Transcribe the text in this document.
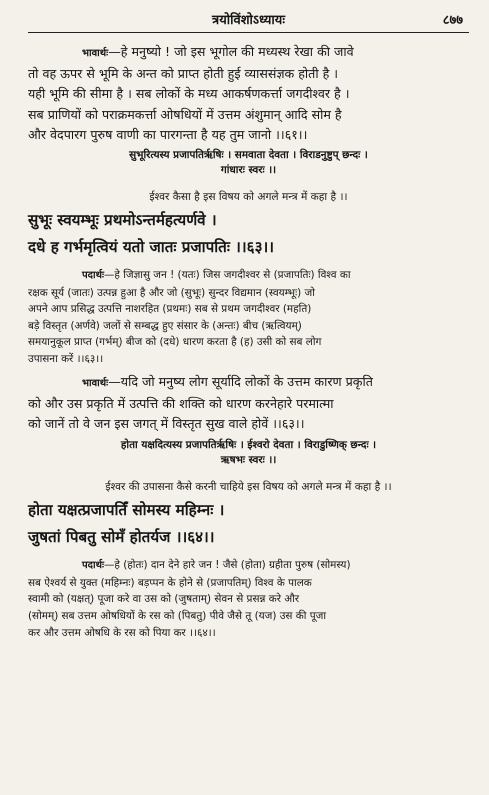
त्रयोविंशोऽध्यायः	८७७

भावार्थः—हे मनुष्यो ! जो इस भूगोल की मध्यस्थ रेखा की जावे

तो वह ऊपर से भूमि के अन्त को प्राप्त होती हुई व्याससंज्ञक होती है ।

यही भूमि की सीमा है । सब लोकों के मध्य आकर्षणकर्त्ता जगदीश्वर है ।

सब प्राणियों को पराक्रमकर्त्ता ओषधियों में उत्तम अंशुमान् आदि सोम है

और वेदपारग पुरुष वाणी का पारगन्ता है यह तुम जानो ।।६१।।

सुभूरित्यस्य प्रजापतिर्ऋषिः । समवाता देवता । विराडनुष्टुप् छन्दः ।

गांधारः स्वरः ।।

ईश्वर कैसा है इस विषय को अगले मन्त्र में कहा है ।।

सुभूः स्वयम्भूः प्रथमोऽन्तर्महत्यर्णवे ।

दधे ह गर्भमृत्वियं यतो जातः प्रजापतिः ।।६३।।

पदार्थः—हे जिज्ञासु जन ! (यतः) जिस जगदीश्वर से (प्रजापतिः) विश्व का

रक्षक सूर्य (जातः) उत्पन्न हुआ है और जो (सुभूः) सुन्दर विद्यमान (स्वयम्भूः) जो

अपने आप प्रसिद्ध उत्पत्ति नाशरहित (प्रथमः) सब से प्रथम जगदीश्वर (महति)

बड़े विस्तृत (अर्णवे) जलों से सम्बद्ध हुए संसार के (अन्तः) बीच (ऋत्वियम्)

समयानुकूल प्राप्त (गर्भम्) बीज को (दधे) धारण करता है (ह) उसी को सब लोग

उपासना करें ।।६३।।

भावार्थः—यदि जो मनुष्य लोग सूर्यादि लोकों के उत्तम कारण प्रकृति

को और उस प्रकृति में उत्पत्ति की शक्ति को धारण करनेहारे परमात्मा

को जानें तो वे जन इस जगत् में विस्तृत सुख वाले होवें ।।६३।।

होता यक्षदित्यस्य प्रजापतिर्ऋषिः । ईश्वरो देवता । विराडुष्णिक् छन्दः ।

ऋषभः स्वरः ।।

ईश्वर की उपासना कैसे करनी चाहिये इस विषय को अगले मन्त्र में कहा है ।।

होता यक्षत्प्रजापतिँ सोमस्य महिम्नः ।

जुषतां पिबतु सोमँ होतर्यज ।।६४।।

पदार्थः—हे (होतः) दान देने हारे जन ! जैसे (होता) ग्रहीता पुरुष (सोमस्य)

सब ऐश्वर्य से युक्त (महिम्नः) बड़प्पन के होने से (प्रजापतिम्) विश्व के पालक

स्वामी को (यक्षत्) पूजा करे वा उस को (जुषताम्) सेवन से प्रसन्न करे और

(सोमम्) सब उत्तम ओषधियों के रस को (पिबतु) पीवे जैसे तू (यज) उस की पूजा

कर और उत्तम ओषधि के रस को पिया कर ।।६४।।
